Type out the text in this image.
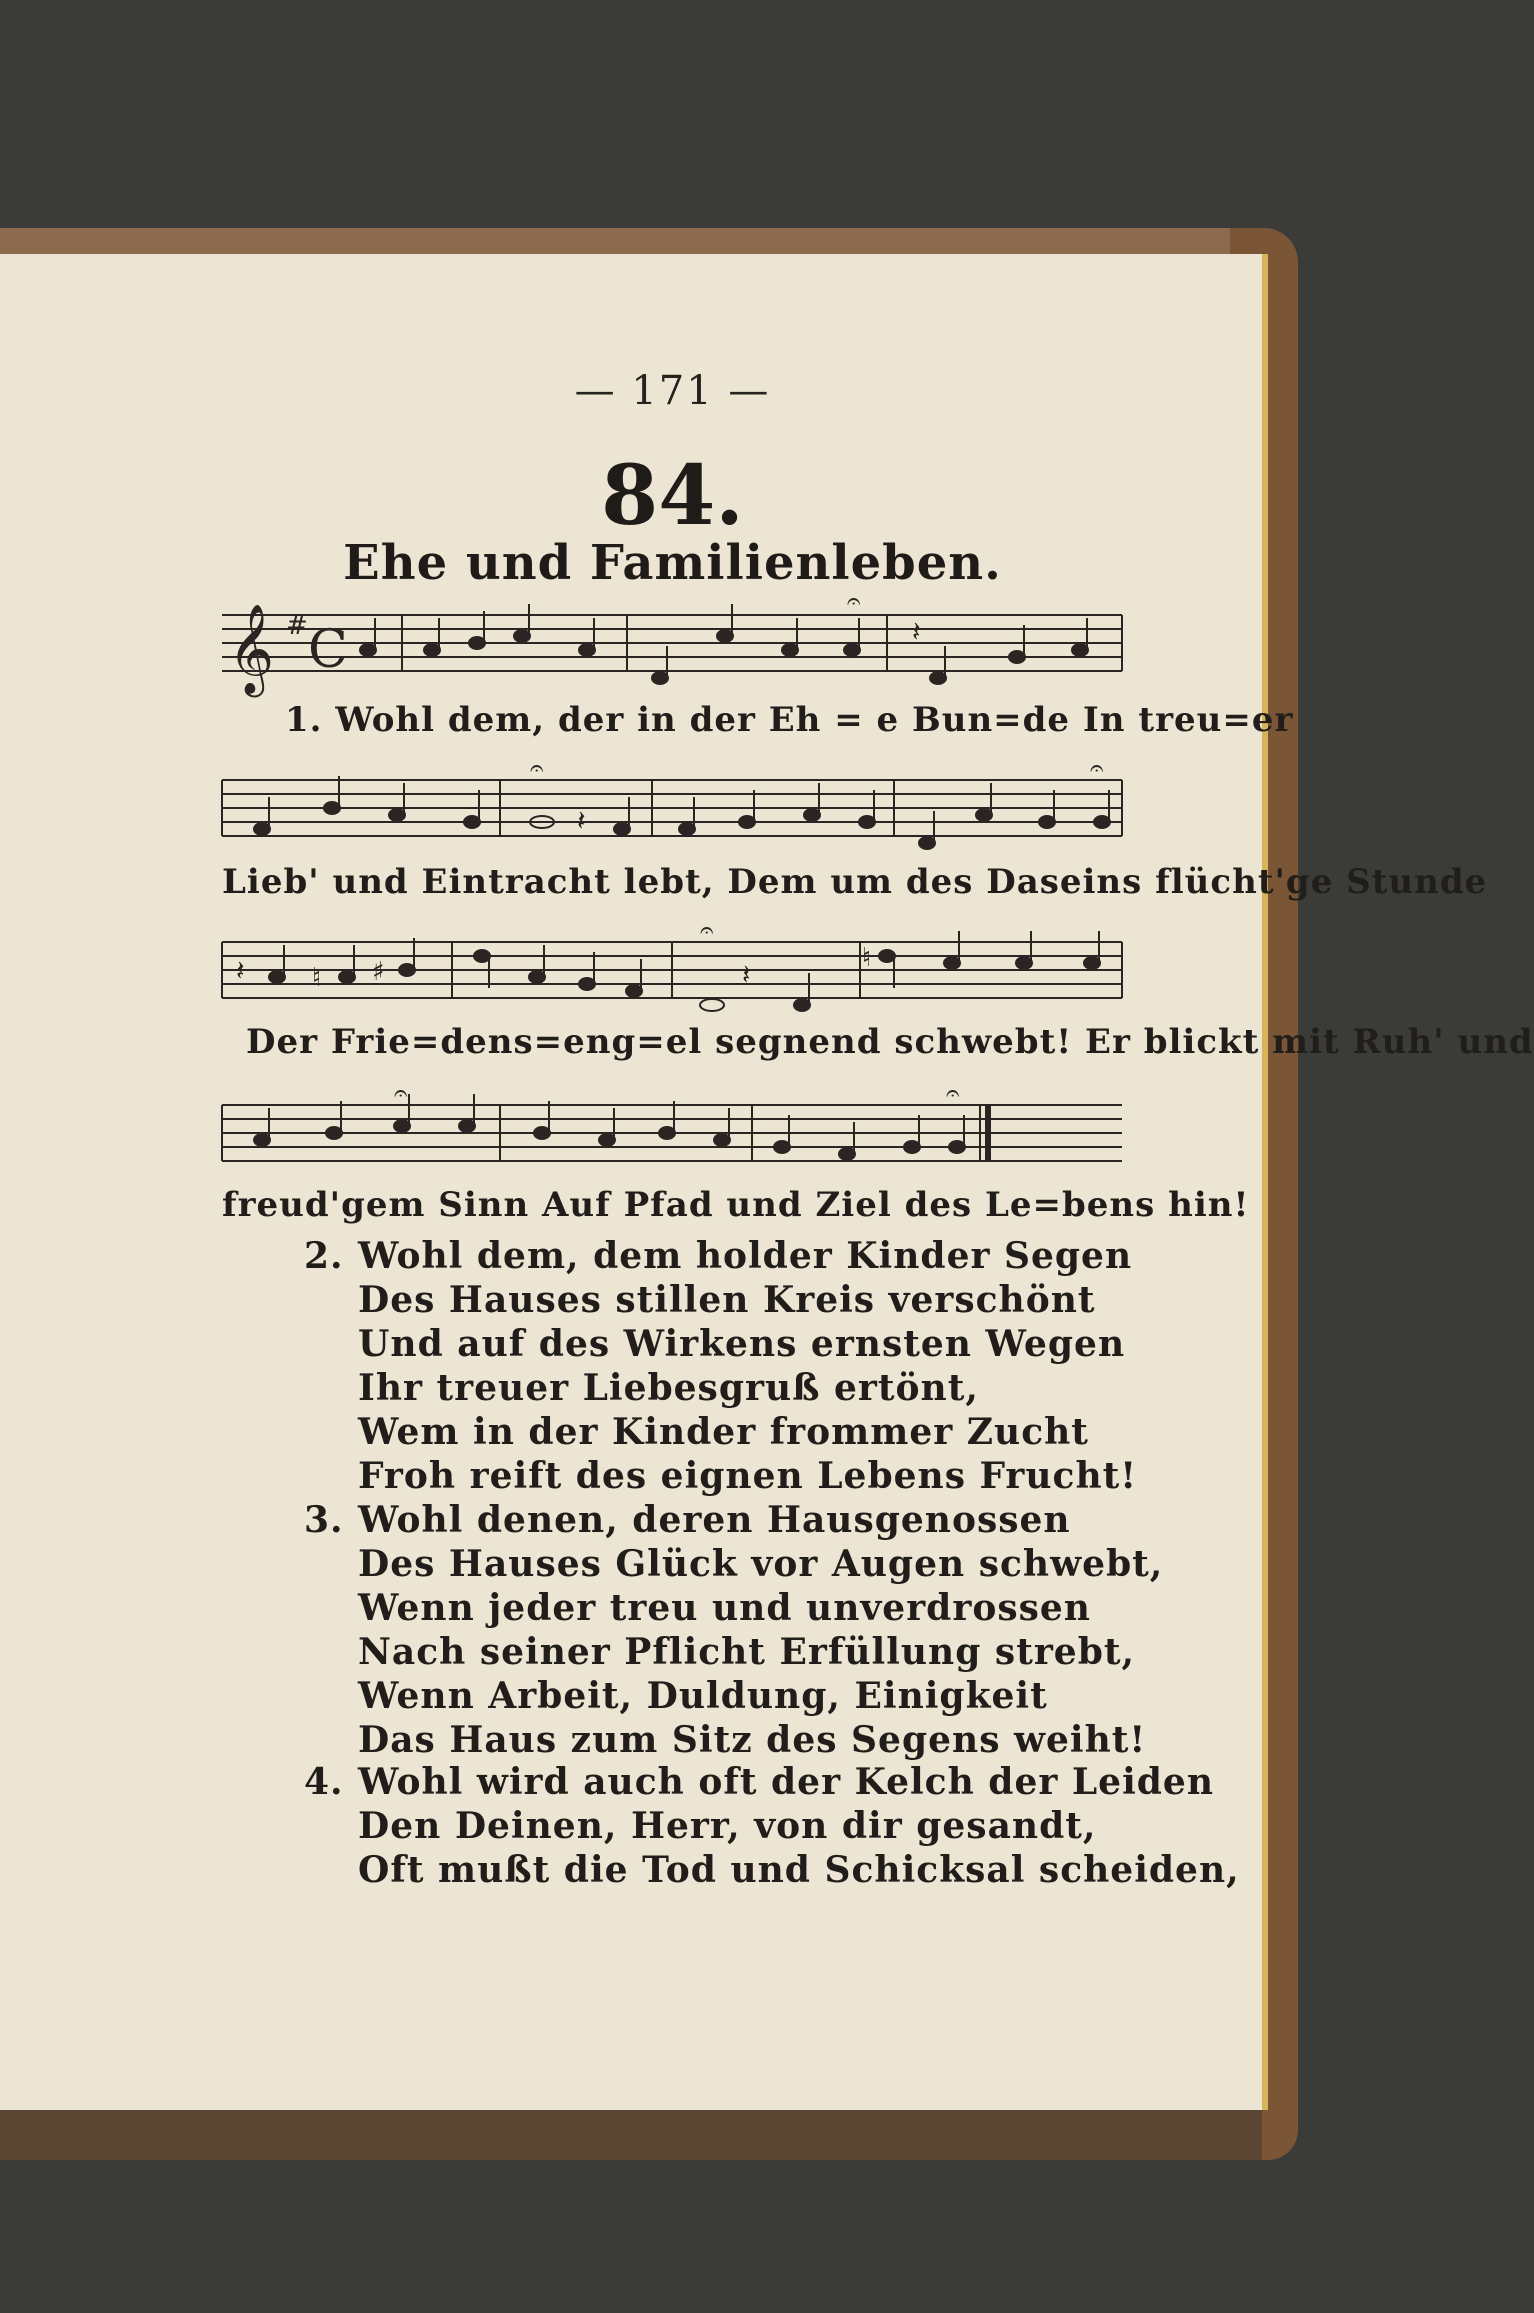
— 171 —
84.
Ehe und Familienleben.
𝄞 # C	𝄽
𝄐
1. Wohl dem, der in der Eh = e Bun=de In treu=er
𝄽
𝄐	𝄐
Lieb' und Eintracht lebt, Dem um des Daseins flücht'ge Stunde
𝄽	♮ ♯	♮
𝄽
𝄐
Der Frie=dens=eng=el segnend schwebt! Er blickt mit Ruh' und
𝄐	𝄐
freud'gem Sinn Auf Pfad und Ziel des Le=bens hin!
2. Wohl dem, dem holder Kinder Segen
Des Hauses stillen Kreis verschönt
Und auf des Wirkens ernsten Wegen
Ihr treuer Liebesgruß ertönt,
Wem in der Kinder frommer Zucht
Froh reift des eignen Lebens Frucht!
3. Wohl denen, deren Hausgenossen
Des Hauses Glück vor Augen schwebt,
Wenn jeder treu und unverdrossen
Nach seiner Pflicht Erfüllung strebt,
Wenn Arbeit, Duldung, Einigkeit
Das Haus zum Sitz des Segens weiht!
4. Wohl wird auch oft der Kelch der Leiden
Den Deinen, Herr, von dir gesandt,
Oft mußt die Tod und Schicksal scheiden,
